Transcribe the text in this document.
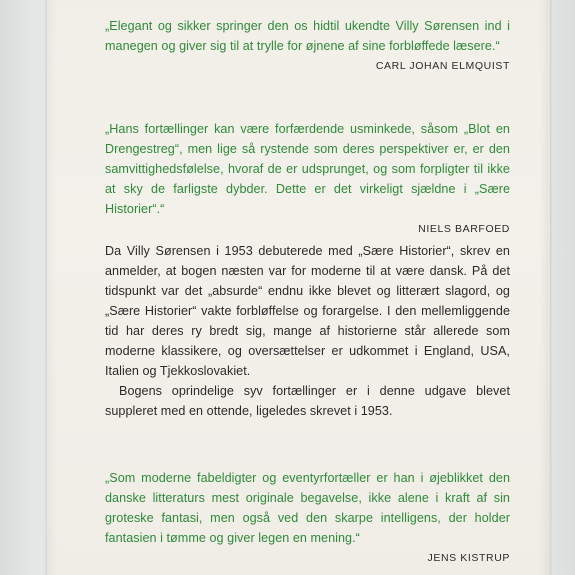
„Elegant og sikker springer den os hidtil ukendte Villy Sørensen ind i manegen og giver sig til at trylle for øjnene af sine forbløffede læsere.“

CARL JOHAN ELMQUIST

„Hans fortællinger kan være forfærdende usminkede, såsom „Blot en Drengestreg“, men lige så rystende som deres perspektiver er, er den samvittighedsfølelse, hvoraf de er udsprunget, og som forpligter til ikke at sky de farligste dybder. Dette er det virkeligt sjældne i „Sære Historier“.“

NIELS BARFOED

Da Villy Sørensen i 1953 debuterede med „Sære Historier“, skrev en anmelder, at bogen næsten var for moderne til at være dansk. På det tidspunkt var det „absurde“ endnu ikke blevet og litterært slagord, og „Sære Historier“ vakte forbløffelse og forargelse. I den mellemliggende tid har deres ry bredt sig, mange af historierne står allerede som moderne klassikere, og oversættelser er udkommet i England, USA, Italien og Tjekkoslovakiet.

Bogens oprindelige syv fortællinger er i denne udgave blevet suppleret med en ottende, ligeledes skrevet i 1953.

„Som moderne fabeldigter og eventyrfortæller er han i øjeblikket den danske litteraturs mest originale begavelse, ikke alene i kraft af sin groteske fantasi, men også ved den skarpe intelligens, der holder fantasien i tømme og giver legen en mening.“

JENS KISTRUP
